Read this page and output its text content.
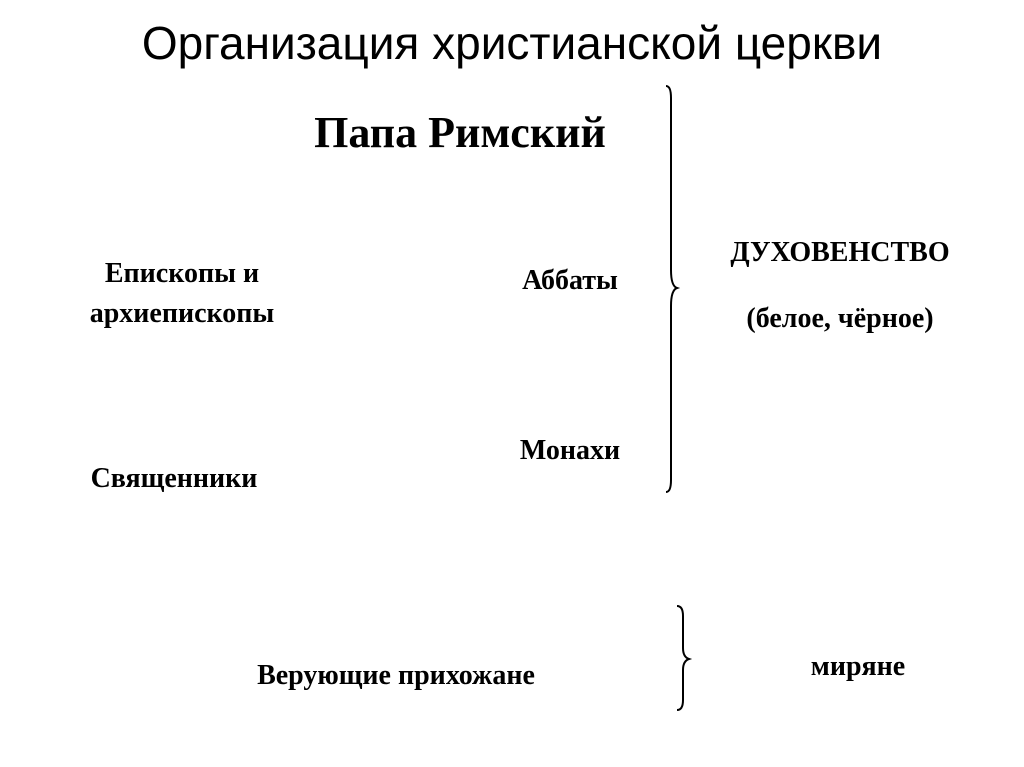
Организация христианской церкви
Папа Римский
Епископы и
архиепископы
Аббаты
Монахи
Священники
ДУХОВЕНСТВО
(белое, чёрное)
Верующие прихожане	миряне
